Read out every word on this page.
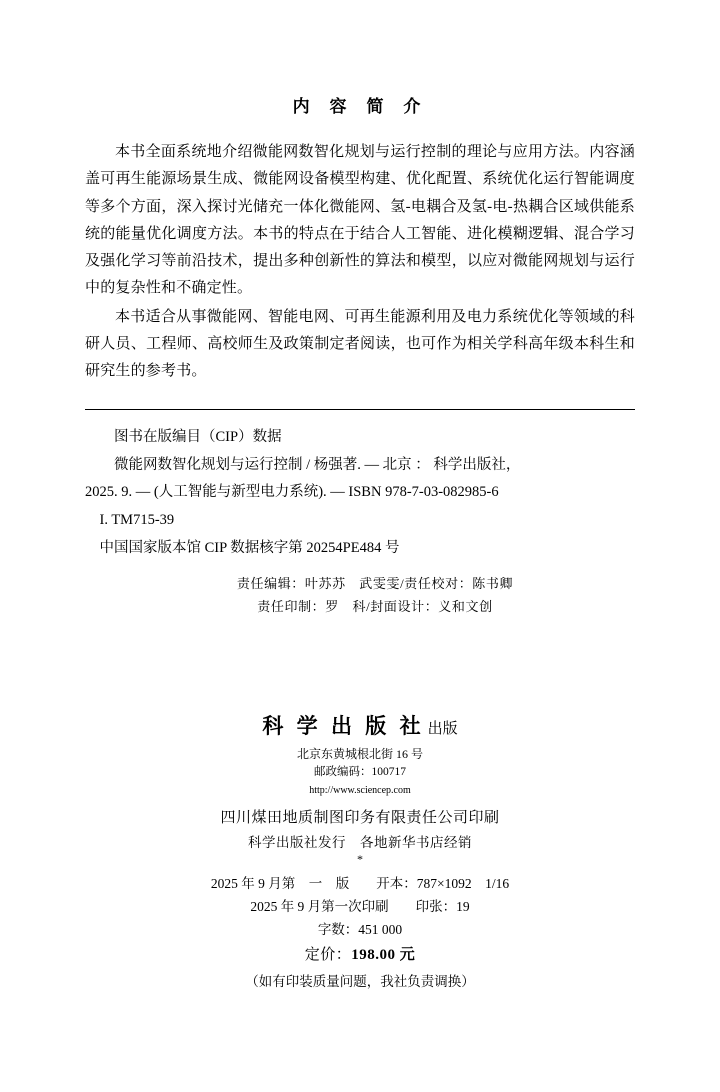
内 容 简 介

本书全面系统地介绍微能网数智化规划与运行控制的理论与应用方法。内容涵盖可再生能源场景生成、微能网设备模型构建、优化配置、系统优化运行智能调度等多个方面，深入探讨光储充一体化微能网、氢-电耦合及氢-电-热耦合区域供能系统的能量优化调度方法。本书的特点在于结合人工智能、进化模糊逻辑、混合学习及强化学习等前沿技术，提出多种创新性的算法和模型，以应对微能网规划与运行中的复杂性和不确定性。

本书适合从事微能网、智能电网、可再生能源利用及电力系统优化等领域的科研人员、工程师、高校师生及政策制定者阅读，也可作为相关学科高年级本科生和研究生的参考书。

图书在版编目（CIP）数据

微能网数智化规划与运行控制 / 杨强著. — 北京 ： 科学出版社，

2025. 9. — (人工智能与新型电力系统). — ISBN 978-7-03-082985-6

I. TM715-39

中国国家版本馆 CIP 数据核字第 20254PE484 号

责任编辑：叶苏苏　武雯雯/责任校对：陈书卿
责任印制：罗　科/封面设计：义和文创
科 学 出 版 社 出版
北京东黄城根北街 16 号
邮政编码：100717
http://www.sciencep.com
四川煤田地质制图印务有限责任公司印刷
科学出版社发行　各地新华书店经销
*
2025 年 9 月第　一　版　　开本：787×1092　1/16
2025 年 9 月第一次印刷　　印张：19
字数：451 000
定价：198.00 元
（如有印装质量问题，我社负责调换）
